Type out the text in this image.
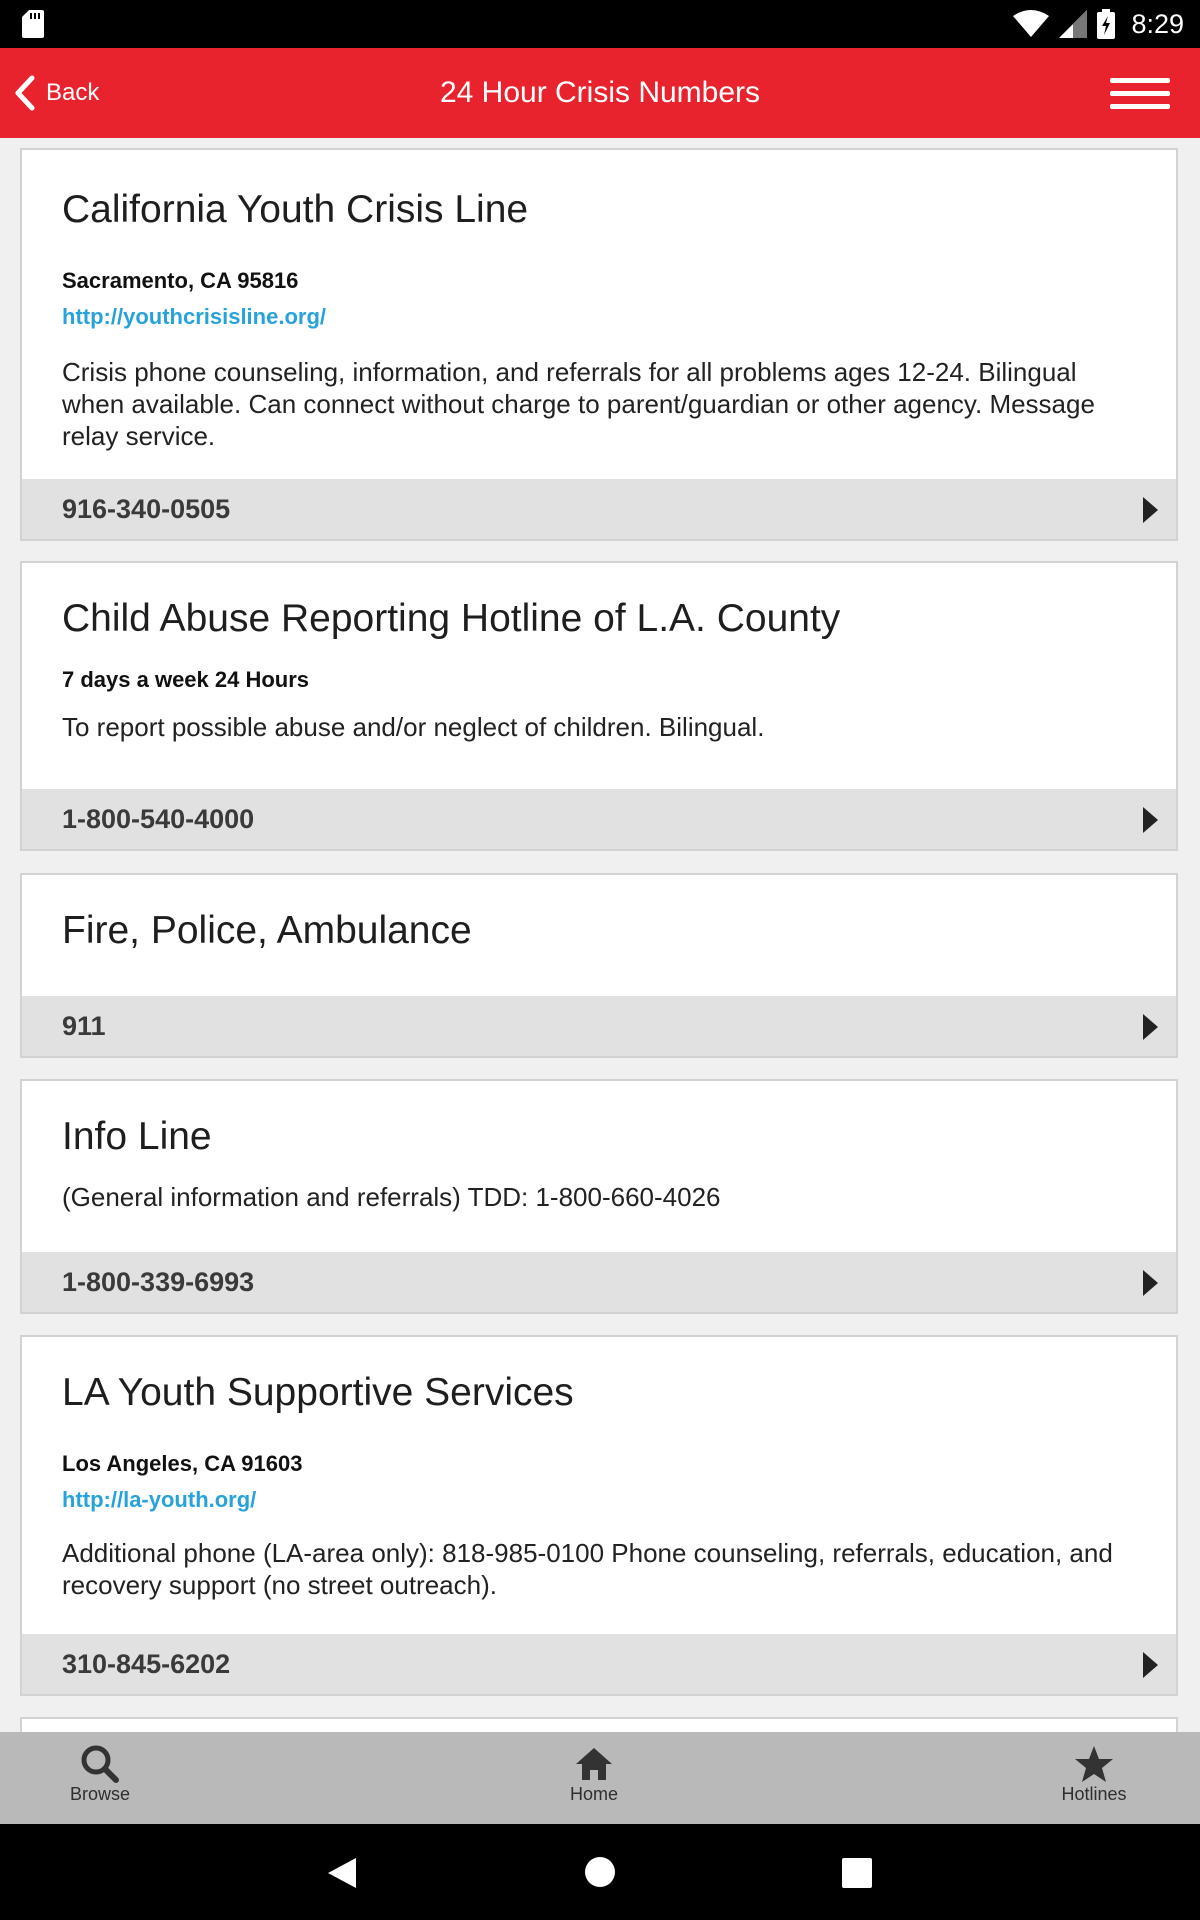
8:29
Back	24 Hour Crisis Numbers
California Youth Crisis Line
Sacramento, CA 95816
http://youthcrisisline.org/
Crisis phone counseling, information, and referrals for all problems ages 12-24. Bilingual when available. Can connect without charge to parent/guardian or other agency. Message relay service.
916-340-0505
Child Abuse Reporting Hotline of L.A. County
7 days a week 24 Hours
To report possible abuse and/or neglect of children. Bilingual.
1-800-540-4000
Fire, Police, Ambulance
911
Info Line
(General information and referrals) TDD: 1-800-660-4026
1-800-339-6993
LA Youth Supportive Services
Los Angeles, CA 91603
http://la-youth.org/
Additional phone (LA-area only): 818-985-0100 Phone counseling, referrals, education, and recovery support (no street outreach).
310-845-6202
Browse	Home	Hotlines
